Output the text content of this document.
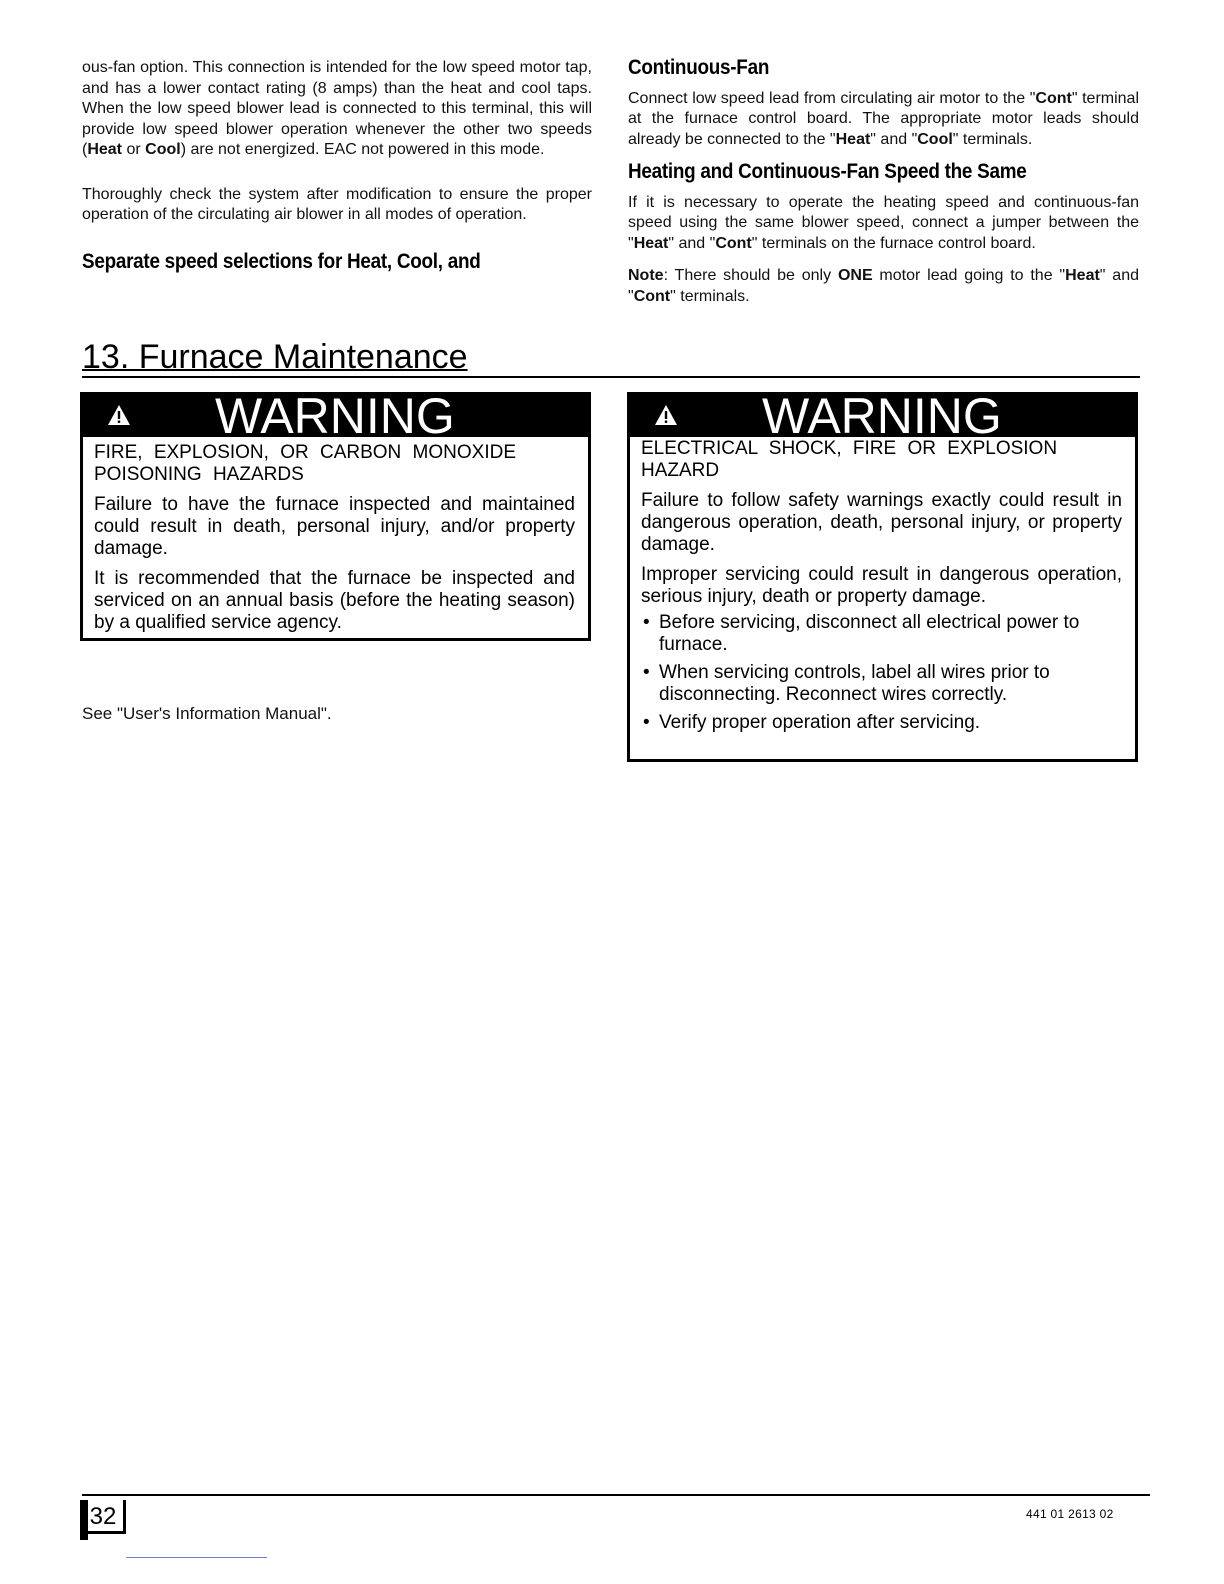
ous-fan option. This connection is intended for the low speed motor tap, and has a lower contact rating (8 amps) than the heat and cool taps. When the low speed blower lead is connected to this terminal, this will provide low speed blower operation whenever the other two speeds (Heat or Cool) are not energized. EAC not powered in this mode.
Thoroughly check the system after modification to ensure the proper operation of the circulating air blower in all modes of operation.
Separate speed selections for Heat, Cool, and
Continuous-Fan
Connect low speed lead from circulating air motor to the "Cont" terminal at the furnace control board. The appropriate motor leads should already be connected to the "Heat" and "Cool" terminals.
Heating and Continuous-Fan Speed the Same
If it is necessary to operate the heating speed and continuous-fan speed using the same blower speed, connect a jumper between the "Heat" and "Cont" terminals on the furnace control board.
Note: There should be only ONE motor lead going to the "Heat" and "Cont" terminals.
13. Furnace Maintenance
WARNING

FIRE, EXPLOSION, OR CARBON MONOXIDE POISONING HAZARDS

Failure to have the furnace inspected and maintained could result in death, personal injury, and/or property damage.

It is recommended that the furnace be inspected and serviced on an annual basis (before the heating season) by a qualified service agency.

See "User's Information Manual".
WARNING

ELECTRICAL SHOCK, FIRE OR EXPLOSION HAZARD

Failure to follow safety warnings exactly could result in dangerous operation, death, personal injury, or property damage.

Improper servicing could result in dangerous operation, serious injury, death or property damage.

• Before servicing, disconnect all electrical power to furnace.
• When servicing controls, label all wires prior to disconnecting. Reconnect wires correctly.
• Verify proper operation after servicing.
32	441 01 2613 02
